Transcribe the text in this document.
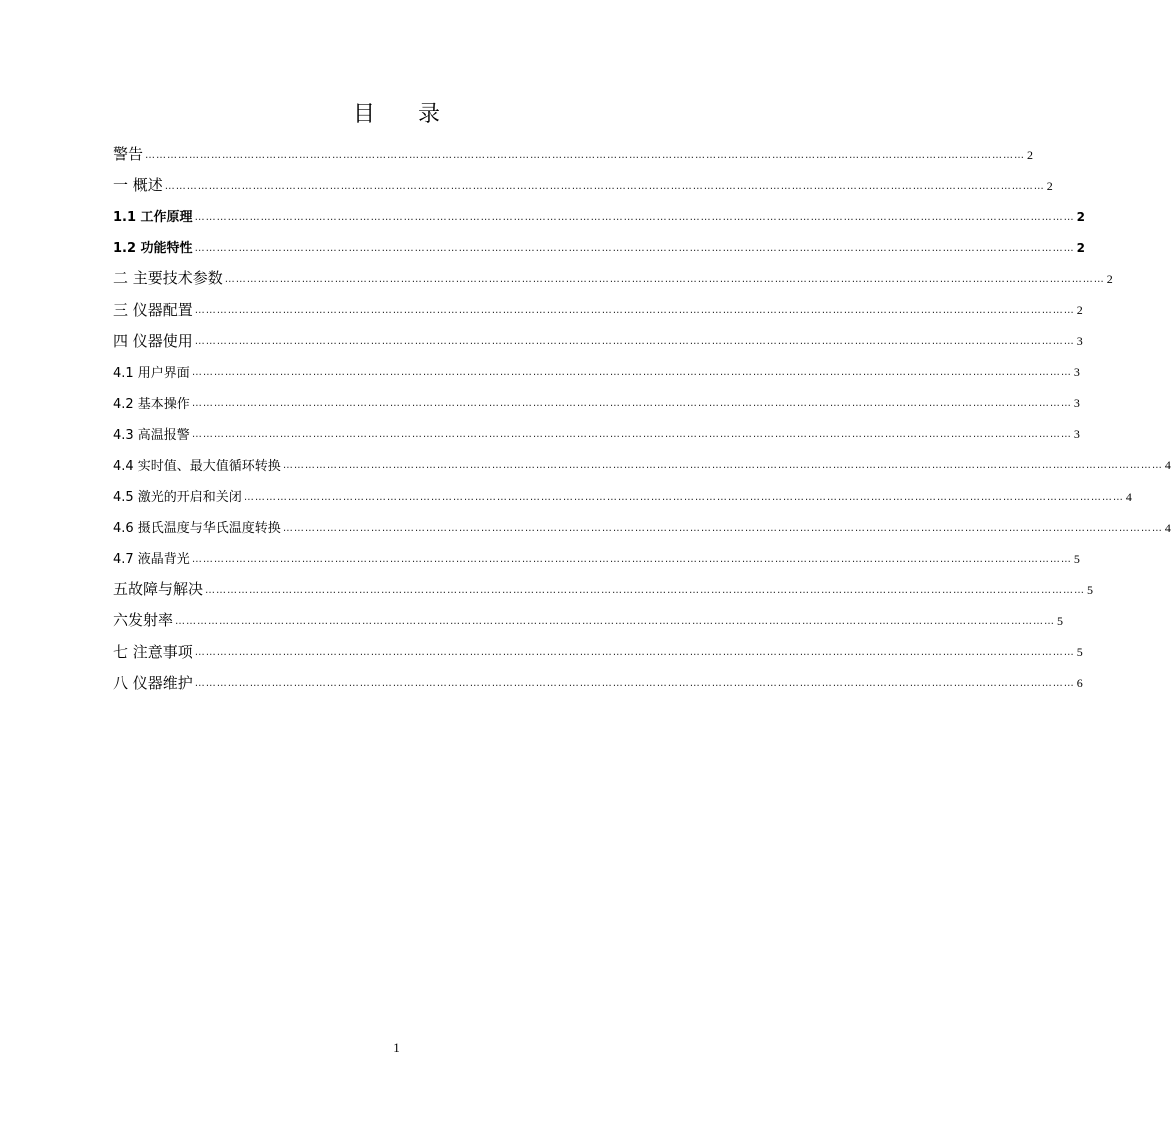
目 录
警告 …………………………………………………………………………………………………………………………………………………………………………………………………………………… 2
一 概述 …………………………………………………………………………………………………………………………………………………………………………………………………………………… 2
1.1 工作原理 …………………………………………………………………………………………………………………………………………………………………………………………………………………… 2
1.2 功能特性 …………………………………………………………………………………………………………………………………………………………………………………………………………………… 2
二 主要技术参数 …………………………………………………………………………………………………………………………………………………………………………………………………………………… 2
三 仪器配置 …………………………………………………………………………………………………………………………………………………………………………………………………………………… 2
四 仪器使用 …………………………………………………………………………………………………………………………………………………………………………………………………………………… 3
4.1 用户界面 …………………………………………………………………………………………………………………………………………………………………………………………………………………… 3
4.2 基本操作 …………………………………………………………………………………………………………………………………………………………………………………………………………………… 3
4.3 高温报警 …………………………………………………………………………………………………………………………………………………………………………………………………………………… 3
4.4 实时值、最大值循环转换 …………………………………………………………………………………………………………………………………………………………………………………………………………………… 4
4.5 激光的开启和关闭 …………………………………………………………………………………………………………………………………………………………………………………………………………………… 4
4.6 摄氏温度与华氏温度转换 …………………………………………………………………………………………………………………………………………………………………………………………………………………… 4
4.7 液晶背光 …………………………………………………………………………………………………………………………………………………………………………………………………………………… 5
五故障与解决 …………………………………………………………………………………………………………………………………………………………………………………………………………………… 5
六发射率 …………………………………………………………………………………………………………………………………………………………………………………………………………………… 5
七 注意事项 …………………………………………………………………………………………………………………………………………………………………………………………………………………… 5
八 仪器维护 …………………………………………………………………………………………………………………………………………………………………………………………………………………… 6
1
